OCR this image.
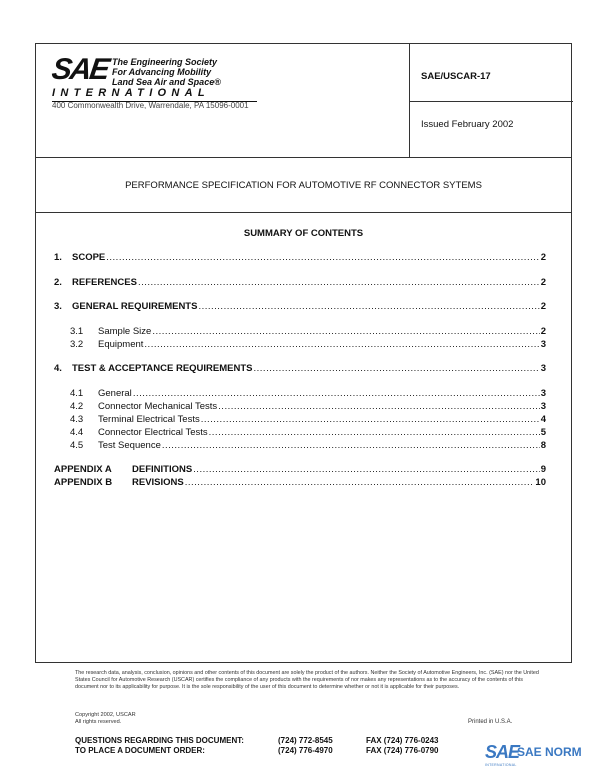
SAE The Engineering Society
For Advancing Mobility
Land Sea Air and Space®
INTERNATIONAL
400 Commonwealth Drive, Warrendale, PA 15096-0001
SAE/USCAR-17
Issued February 2002
PERFORMANCE SPECIFICATION FOR AUTOMOTIVE RF CONNECTOR SYTEMS
SUMMARY OF CONTENTS
1.	SCOPE .....	2
2.	REFERENCES .....	2
3.	GENERAL REQUIREMENTS .....	2
3.1	Sample Size .....	2
3.2	Equipment .....	3
4.	TEST & ACCEPTANCE REQUIREMENTS .....	3
4.1	General .....	3
4.2	Connector Mechanical Tests .....	3
4.3	Terminal Electrical Tests .....	4
4.4	Connector Electrical Tests .....	5
4.5	Test Sequence .....	8
APPENDIX A	DEFINITIONS .....	9
APPENDIX B	REVISIONS .....	10
The research data, analysis, conclusion, opinions and other contents of this document are solely the product of the authors. Neither the Society of Automotive Engineers, Inc. (SAE) nor the United States Council for Automotive Research (USCAR) certifies the compliance of any products with the requirements of nor makes any representations as to the accuracy of the contents of this document nor to its applicability for purpose. It is the sole responsibility of the user of this document to determine whether or not it is applicable for their purposes.
Copyright 2002, USCAR
All rights reserved.	Printed in U.S.A.
QUESTIONS REGARDING THIS DOCUMENT:	(724) 772-8545	FAX (724) 776-0243
TO PLACE A DOCUMENT ORDER:	(724) 776-4970	FAX (724) 776-0790	SAE
SAE NORM
INTERNATIONAL
